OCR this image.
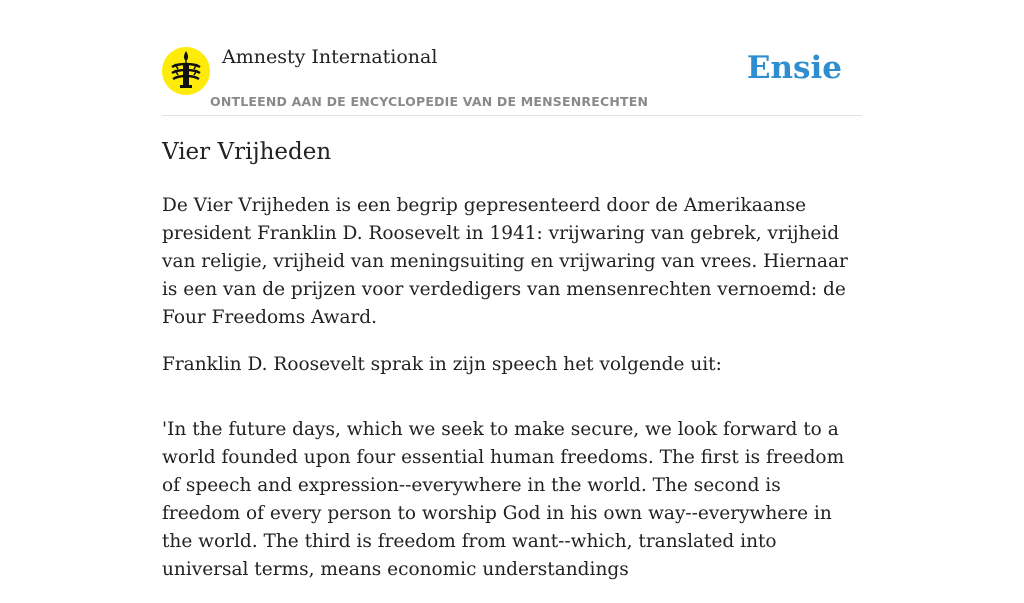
Amnesty International
ONTLEEND AAN DE ENCYCLOPEDIE VAN DE MENSENRECHTEN
Ensie
Vier Vrijheden

De Vier Vrijheden is een begrip gepresenteerd door de Amerikaanse president Franklin D. Roosevelt in 1941: vrijwaring van gebrek, vrijheid van religie, vrijheid van meningsuiting en vrijwaring van vrees. Hiernaar is een van de prijzen voor verdedigers van mensenrechten vernoemd: de Four Freedoms Award.

Franklin D. Roosevelt sprak in zijn speech het volgende uit:

'In the future days, which we seek to make secure, we look forward to a world founded upon four essential human freedoms. The first is freedom of speech and expression--everywhere in the world. The second is freedom of every person to worship God in his own way--everywhere in the world. The third is freedom from want--which, translated into universal terms, means economic understandings
